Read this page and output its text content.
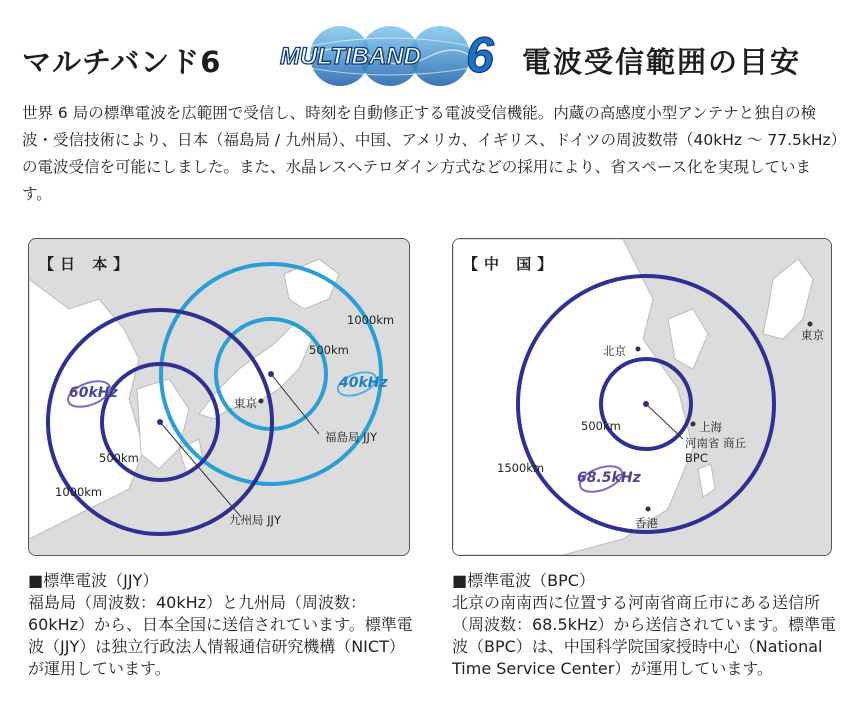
マルチバンド6 MULTIBAND 6 電波受信範囲の目安
世界 6 局の標準電波を広範囲で受信し、時刻を自動修正する電波受信機能。内蔵の高感度小型アンテナと独自の検波・受信技術により、日本（福島局 / 九州局）、中国、アメリカ、イギリス、ドイツの周波数帯（40kHz ～ 77.5kHz）の電波受信を可能にしました。また、水晶レスヘテロダイン方式などの採用により、省スペース化を実現しています。
【日 本】
1000km
500km
東京
福島局 JJY
500km
1000km
九州局 JJY
60kHz
40kHz
【中 国】
北京
東京
上海
香港
500km
1500km
河南省 商丘
BPC
68.5kHz
■標準電波（JJY）
福島局（周波数：40kHz）と九州局（周波数：60kHz）から、日本全国に送信されています。標準電波（JJY）は独立行政法人情報通信研究機構（NICT）が運用しています。
■標準電波（BPC）
北京の南南西に位置する河南省商丘市にある送信所（周波数：68.5kHz）から送信されています。標準電波（BPC）は、中国科学院国家授時中心（National Time Service Center）が運用しています。
